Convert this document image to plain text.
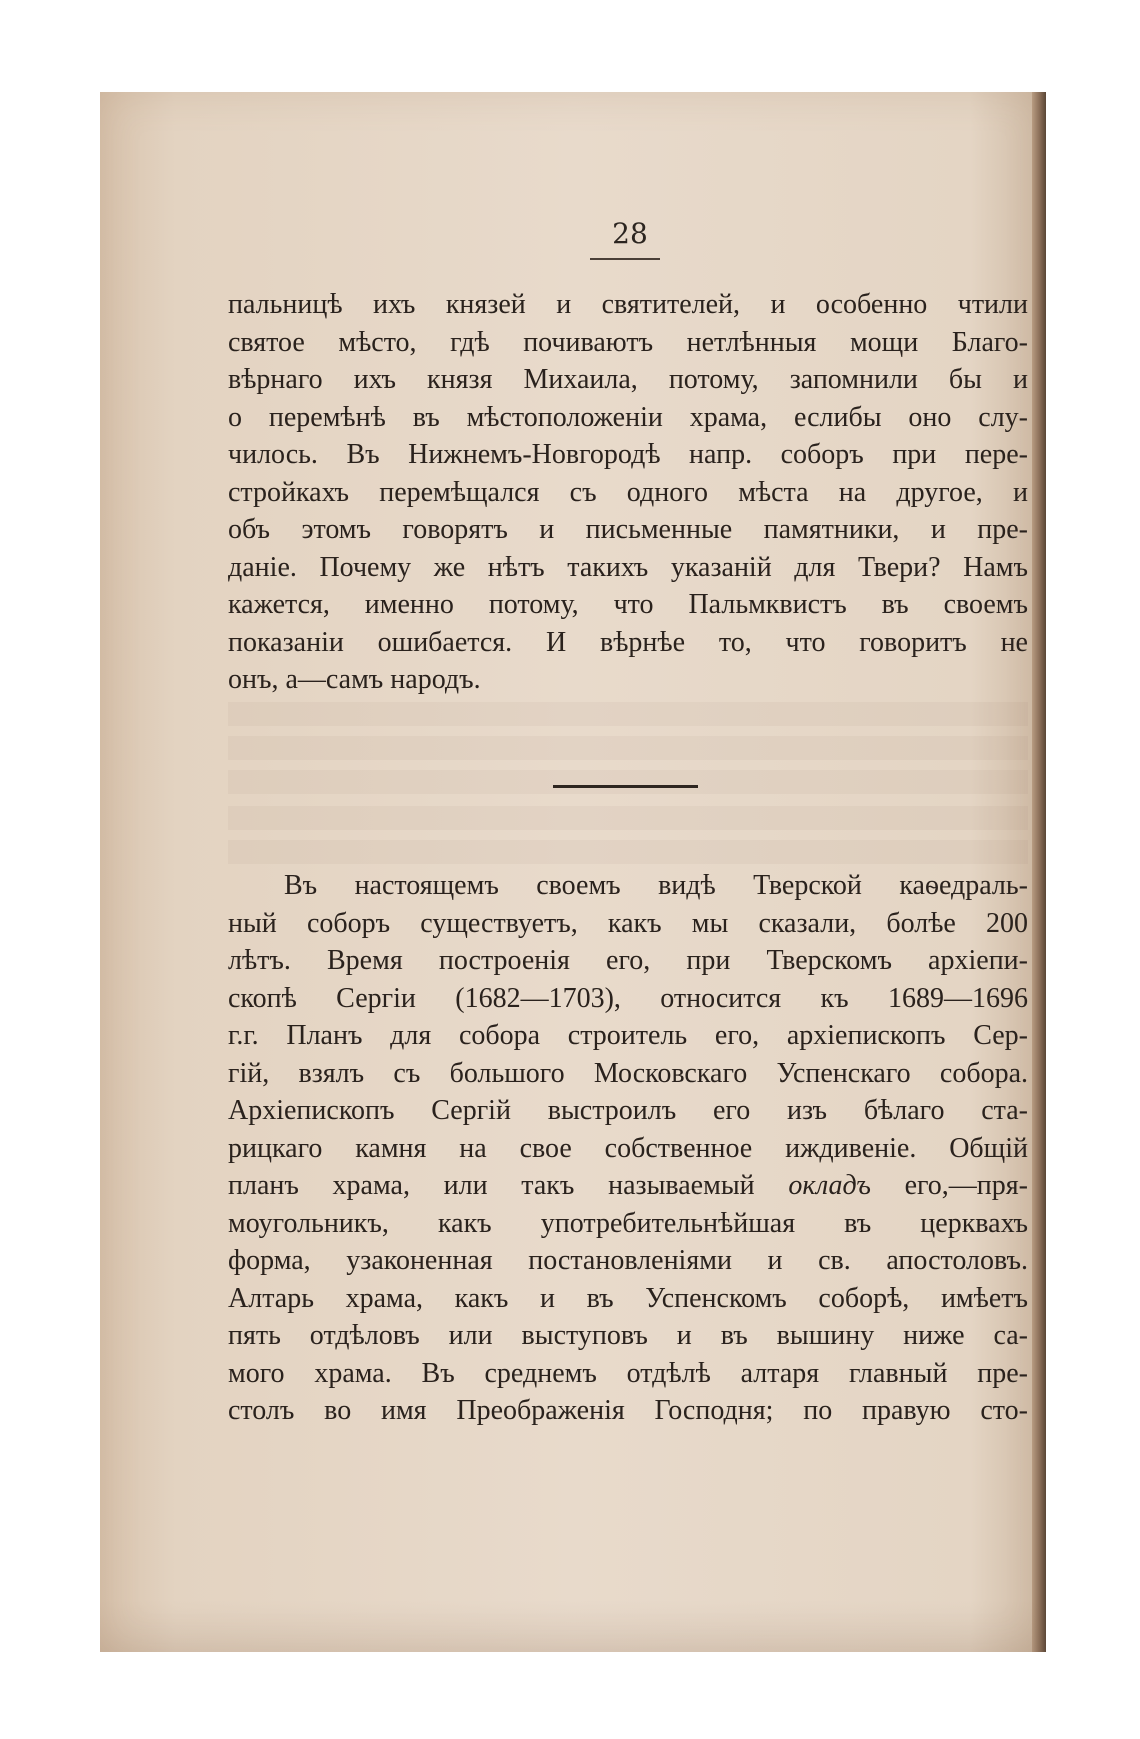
28

пальницѣ ихъ князей и святителей, и особенно чтили
святое мѣсто, гдѣ почиваютъ нетлѣнныя мощи Благо-
вѣрнаго ихъ князя Михаила, потому, запомнили бы и
о перемѣнѣ въ мѣстоположеніи храма, еслибы оно слу-
чилось. Въ Нижнемъ-Новгородѣ напр. соборъ при пере-
стройкахъ перемѣщался съ одного мѣста на другое, и
объ этомъ говорятъ и письменные памятники, и пре-
даніе. Почему же нѣтъ такихъ указаній для Твери? Намъ
кажется, именно потому, что Пальмквистъ въ своемъ
показаніи ошибается. И вѣрнѣе то, что говоритъ не
онъ, а—самъ народъ.

Въ настоящемъ своемъ видѣ Тверской каѳедраль-
ный соборъ существуетъ, какъ мы сказали, болѣе 200
лѣтъ. Время построенія его, при Тверскомъ архіепи-
скопѣ Сергіи (1682—1703), относится къ 1689—1696
г.г. Планъ для собора строитель его, архіепископъ Сер-
гій, взялъ съ большого Московскаго Успенскаго собора.
Архіепископъ Сергій выстроилъ его изъ бѣлаго ста-
рицкаго камня на свое собственное иждивеніе. Общій
планъ храма, или такъ называемый окладъ его,—пря-
моугольникъ, какъ употребительнѣйшая въ церквахъ
форма, узаконенная постановленіями и св. апостоловъ.
Алтарь храма, какъ и въ Успенскомъ соборѣ, имѣетъ
пять отдѣловъ или выступовъ и въ вышину ниже са-
мого храма. Въ среднемъ отдѣлѣ алтаря главный пре-
столъ во имя Преображенія Господня; по правую сто-
